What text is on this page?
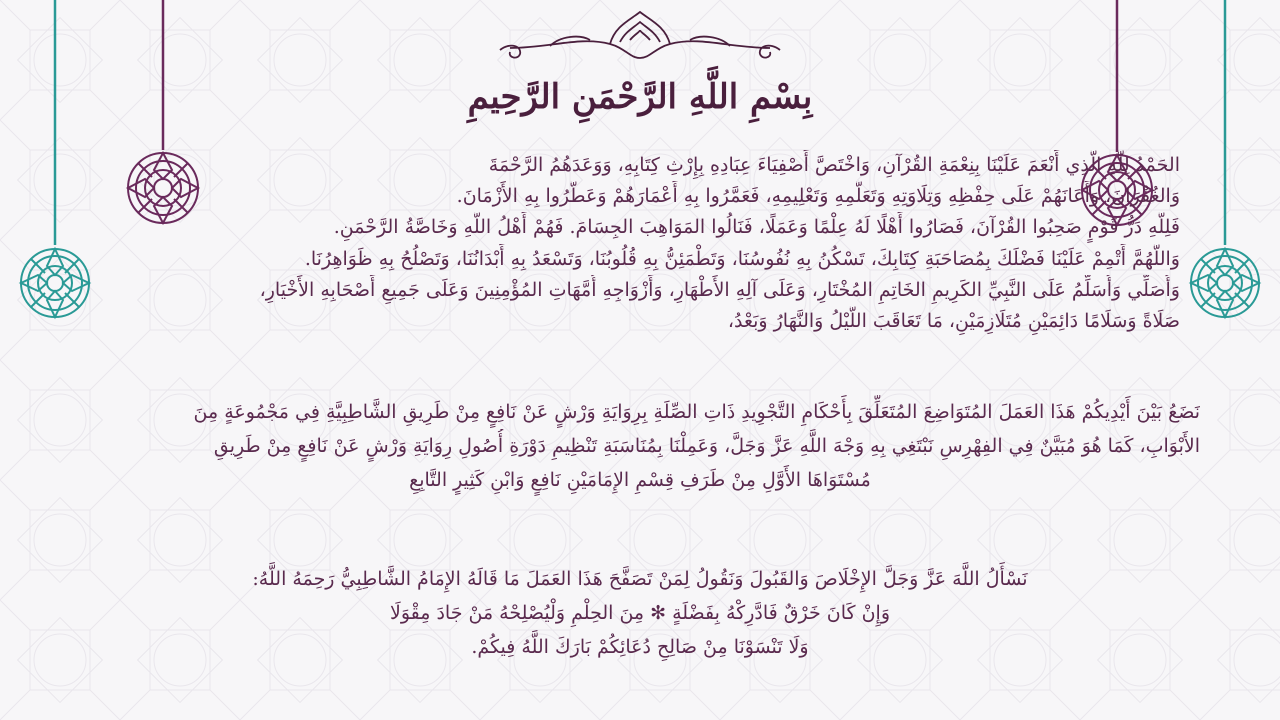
بِسْمِ اللَّهِ الرَّحْمَنِ الرَّحِيمِ

الحَمْدُ لِلَّهِ الَّذِي أَنْعَمَ عَلَيْنَا بِنِعْمَةِ القُرْآنِ، وَاخْتَصَّ أَصْفِيَاءَ عِبَادِهِ بِإِرْثِ كِتَابِهِ، وَوَعَدَهُمُ الرَّحْمَةَ

وَالغُفْرَانَ، وَأَعَانَهُمْ عَلَى حِفْظِهِ وَتِلَاوَتِهِ وَتَعَلُّمِهِ وَتَعْلِيمِهِ، فَعَمَّرُوا بِهِ أَعْمَارَهُمْ وَعَطَّرُوا بِهِ الأَزْمَانَ.

فَلِلَّهِ دَرُّ قَوْمٍ صَحِبُوا القُرْآنَ، فَصَارُوا أَهْلًا لَهُ عِلْمًا وَعَمَلًا، فَنَالُوا المَوَاهِبَ الجِسَامَ. فَهُمْ أَهْلُ اللَّهِ وَخَاصَّةُ الرَّحْمَنِ.

وَاللَّهُمَّ أَتْمِمْ عَلَيْنَا فَضْلَكَ بِمُصَاحَبَةِ كِتَابِكَ، تَسْكُنُ بِهِ نُفُوسُنَا، وَتَطْمَئِنُّ بِهِ قُلُوبُنَا، وَتَسْعَدُ بِهِ أَبْدَانُنَا، وَتَصْلُحُ بِهِ ظَوَاهِرُنَا.

وَأُصَلِّي وَأُسَلِّمُ عَلَى النَّبِيِّ الكَرِيمِ الخَاتِمِ المُخْتَارِ، وَعَلَى آلِهِ الأَطْهَارِ، وَأَزْوَاجِهِ أُمَّهَاتِ المُؤْمِنِينَ وَعَلَى جَمِيعِ أَصْحَابِهِ الأَخْيَارِ،

صَلَاةً وَسَلَامًا دَائِمَيْنِ مُتَلَازِمَيْنِ، مَا تَعَاقَبَ اللَّيْلُ وَالنَّهَارُ وَبَعْدُ،

نَضَعُ بَيْنَ أَيْدِيكُمْ هَذَا العَمَلَ المُتَوَاضِعَ المُتَعَلِّقَ بِأَحْكَامِ التَّجْوِيدِ ذَاتِ الصِّلَةِ بِرِوَايَةِ وَرْشٍ عَنْ نَافِعٍ مِنْ طَرِيقِ الشَّاطِبِيَّةِ فِي مَجْمُوعَةٍ مِنَ

الأَبْوَابِ، كَمَا هُوَ مُبَيَّنٌ فِي الفِهْرِسِ نَبْتَغِي بِهِ وَجْهَ اللَّهِ عَزَّ وَجَلَّ، وَعَمِلْنَا بِمُنَاسَبَةِ تَنْظِيمِ دَوْرَةِ أُصُولِ رِوَايَةِ وَرْشٍ عَنْ نَافِعٍ مِنْ طَرِيقِ

مُسْتَوَاهَا الأَوَّلِ مِنْ طَرَفِ قِسْمِ الإِمَامَيْنِ نَافِعٍ وَابْنِ كَثِيرٍ التَّابِعِ

نَسْأَلُ اللَّهَ عَزَّ وَجَلَّ الإِخْلَاصَ وَالقَبُولَ وَنَقُولُ لِمَنْ تَصَفَّحَ هَذَا العَمَلَ مَا قَالَهُ الإِمَامُ الشَّاطِبِيُّ رَحِمَهُ اللَّهُ:

وَإِنْ كَانَ خَرْقٌ فَادَّرِكْهُ بِفَضْلَةٍ ✻ مِنَ الحِلْمِ وَلْيُصْلِحْهُ مَنْ جَادَ مِقْوَلَا

وَلَا تَنْسَوْنَا مِنْ صَالِحِ دُعَائِكُمْ بَارَكَ اللَّهُ فِيكُمْ.
